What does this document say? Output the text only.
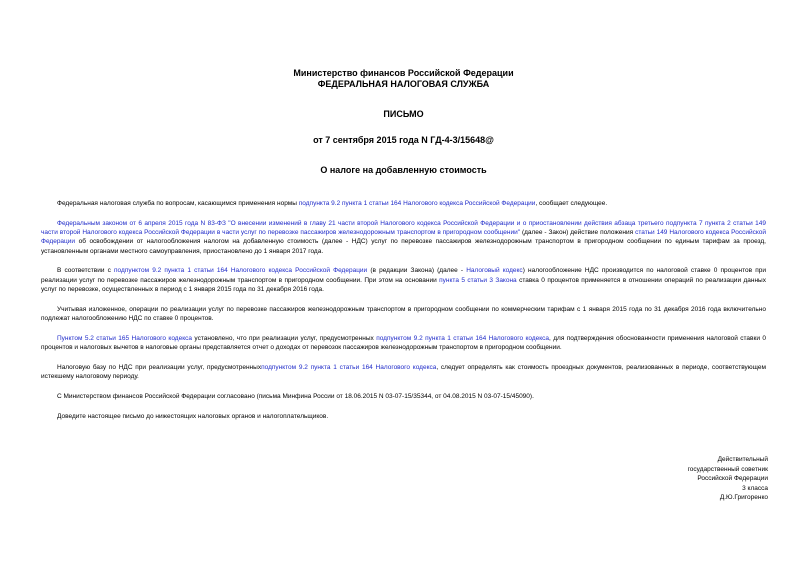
Министерство финансов Российской Федерации
ФЕДЕРАЛЬНАЯ НАЛОГОВАЯ СЛУЖБА
ПИСЬМО
от 7 сентября 2015 года N ГД-4-3/15648@
О налоге на добавленную стоимость

Федеральная налоговая служба по вопросам, касающимся применения нормы подпункта 9.2 пункта 1 статьи 164 Налогового кодекса Российской Федерации, сообщает следующее.

Федеральным законом от 6 апреля 2015 года N 83-ФЗ "О внесении изменений в главу 21 части второй Налогового кодекса Российской Федерации и о приостановлении действия абзаца третьего подпункта 7 пункта 2 статьи 149 части второй Налогового кодекса Российской Федерации в части услуг по перевозке пассажиров железнодорожным транспортом в пригородном сообщении" (далее - Закон) действие положения статьи 149 Налогового кодекса Российской Федерации об освобождении от налогообложения налогом на добавленную стоимость (далее - НДС) услуг по перевозке пассажиров железнодорожным транспортом в пригородном сообщении по единым тарифам за проезд, установленным органами местного самоуправления, приостановлено до 1 января 2017 года.

В соответствии с подпунктом 9.2 пункта 1 статьи 164 Налогового кодекса Российской Федерации (в редакции Закона) (далее - Налоговый кодекс) налогообложение НДС производится по налоговой ставке 0 процентов при реализации услуг по перевозке пассажиров железнодорожным транспортом в пригородном сообщении. При этом на основании пункта 5 статьи 3 Закона ставка 0 процентов применяется в отношении операций по реализации данных услуг по перевозке, осуществленных в период с 1 января 2015 года по 31 декабря 2016 года.

Учитывая изложенное, операции по реализации услуг по перевозке пассажиров железнодорожным транспортом в пригородном сообщении по коммерческим тарифам с 1 января 2015 года по 31 декабря 2016 года включительно подлежат налогообложению НДС по ставке 0 процентов.

Пунктом 5.2 статьи 165 Налогового кодекса установлено, что при реализации услуг, предусмотренных подпунктом 9.2 пункта 1 статьи 164 Налогового кодекса, для подтверждения обоснованности применения налоговой ставки 0 процентов и налоговых вычетов в налоговые органы представляется отчет о доходах от перевозок пассажиров железнодорожным транспортом в пригородном сообщении.

Налоговую базу по НДС при реализации услуг, предусмотренныхподпунктом 9.2 пункта 1 статьи 164 Налогового кодекса, следует определять как стоимость проездных документов, реализованных в периоде, соответствующем истекшему налоговому периоду.

С Министерством финансов Российской Федерации согласовано (письма Минфина России от 18.06.2015 N 03-07-15/35344, от 04.08.2015 N 03-07-15/45090).

Доведите настоящее письмо до нижестоящих налоговых органов и налогоплательщиков.

Действительный
государственный советник
Российской Федерации
3 класса
Д.Ю.Григоренко
